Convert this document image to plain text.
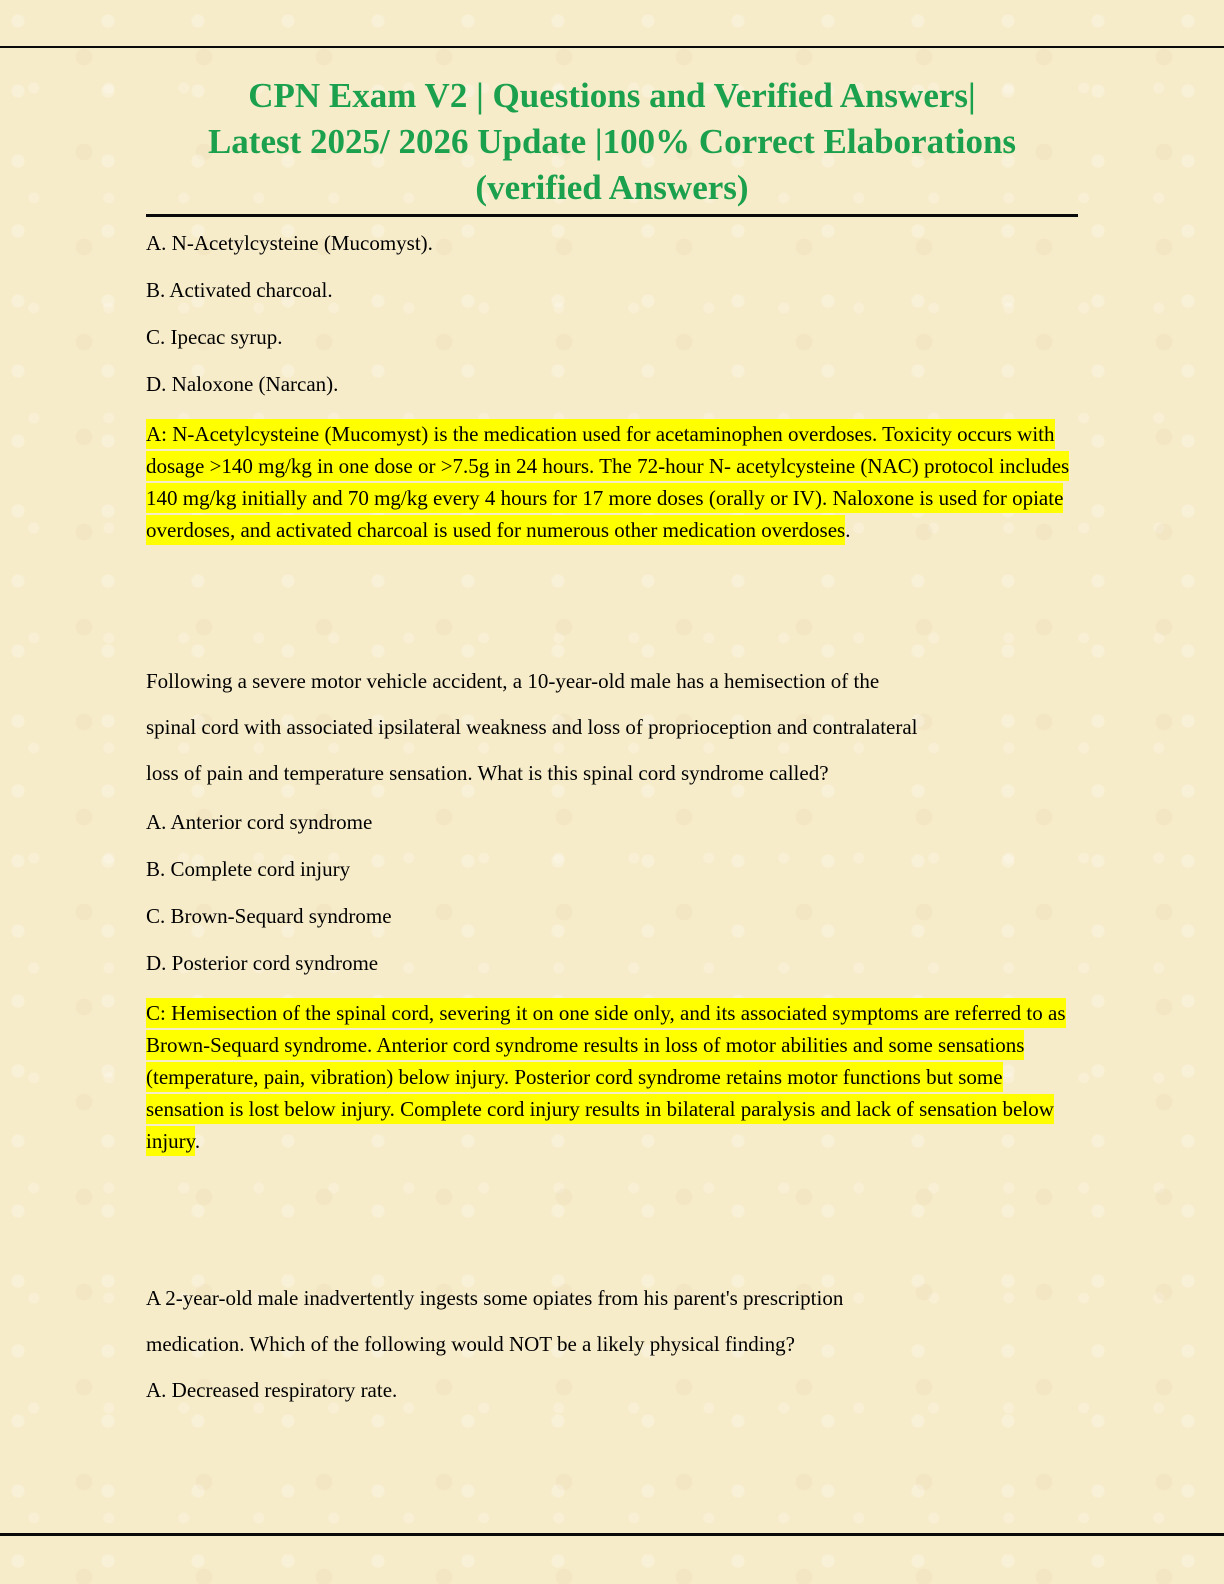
CPN Exam V2 | Questions and Verified Answers|
Latest 2025/ 2026 Update |100% Correct Elaborations
(verified Answers)

A. N-Acetylcysteine (Mucomyst).

B. Activated charcoal.

C. Ipecac syrup.

D. Naloxone (Narcan).

A: N-Acetylcysteine (Mucomyst) is the medication used for acetaminophen overdoses. Toxicity occurs with dosage >140 mg/kg in one dose or >7.5g in 24 hours. The 72-hour N- acetylcysteine (NAC) protocol includes 140 mg/kg initially and 70 mg/kg every 4 hours for 17 more doses (orally or IV). Naloxone is used for opiate overdoses, and activated charcoal is used for numerous other medication overdoses.

Following a severe motor vehicle accident, a 10-year-old male has a hemisection of the
spinal cord with associated ipsilateral weakness and loss of proprioception and contralateral
loss of pain and temperature sensation. What is this spinal cord syndrome called?

A. Anterior cord syndrome

B. Complete cord injury

C. Brown-Sequard syndrome

D. Posterior cord syndrome

C: Hemisection of the spinal cord, severing it on one side only, and its associated symptoms are referred to as Brown-Sequard syndrome. Anterior cord syndrome results in loss of motor abilities and some sensations (temperature, pain, vibration) below injury. Posterior cord syndrome retains motor functions but some sensation is lost below injury. Complete cord injury results in bilateral paralysis and lack of sensation below injury.

A 2-year-old male inadvertently ingests some opiates from his parent's prescription
medication. Which of the following would NOT be a likely physical finding?

A. Decreased respiratory rate.
